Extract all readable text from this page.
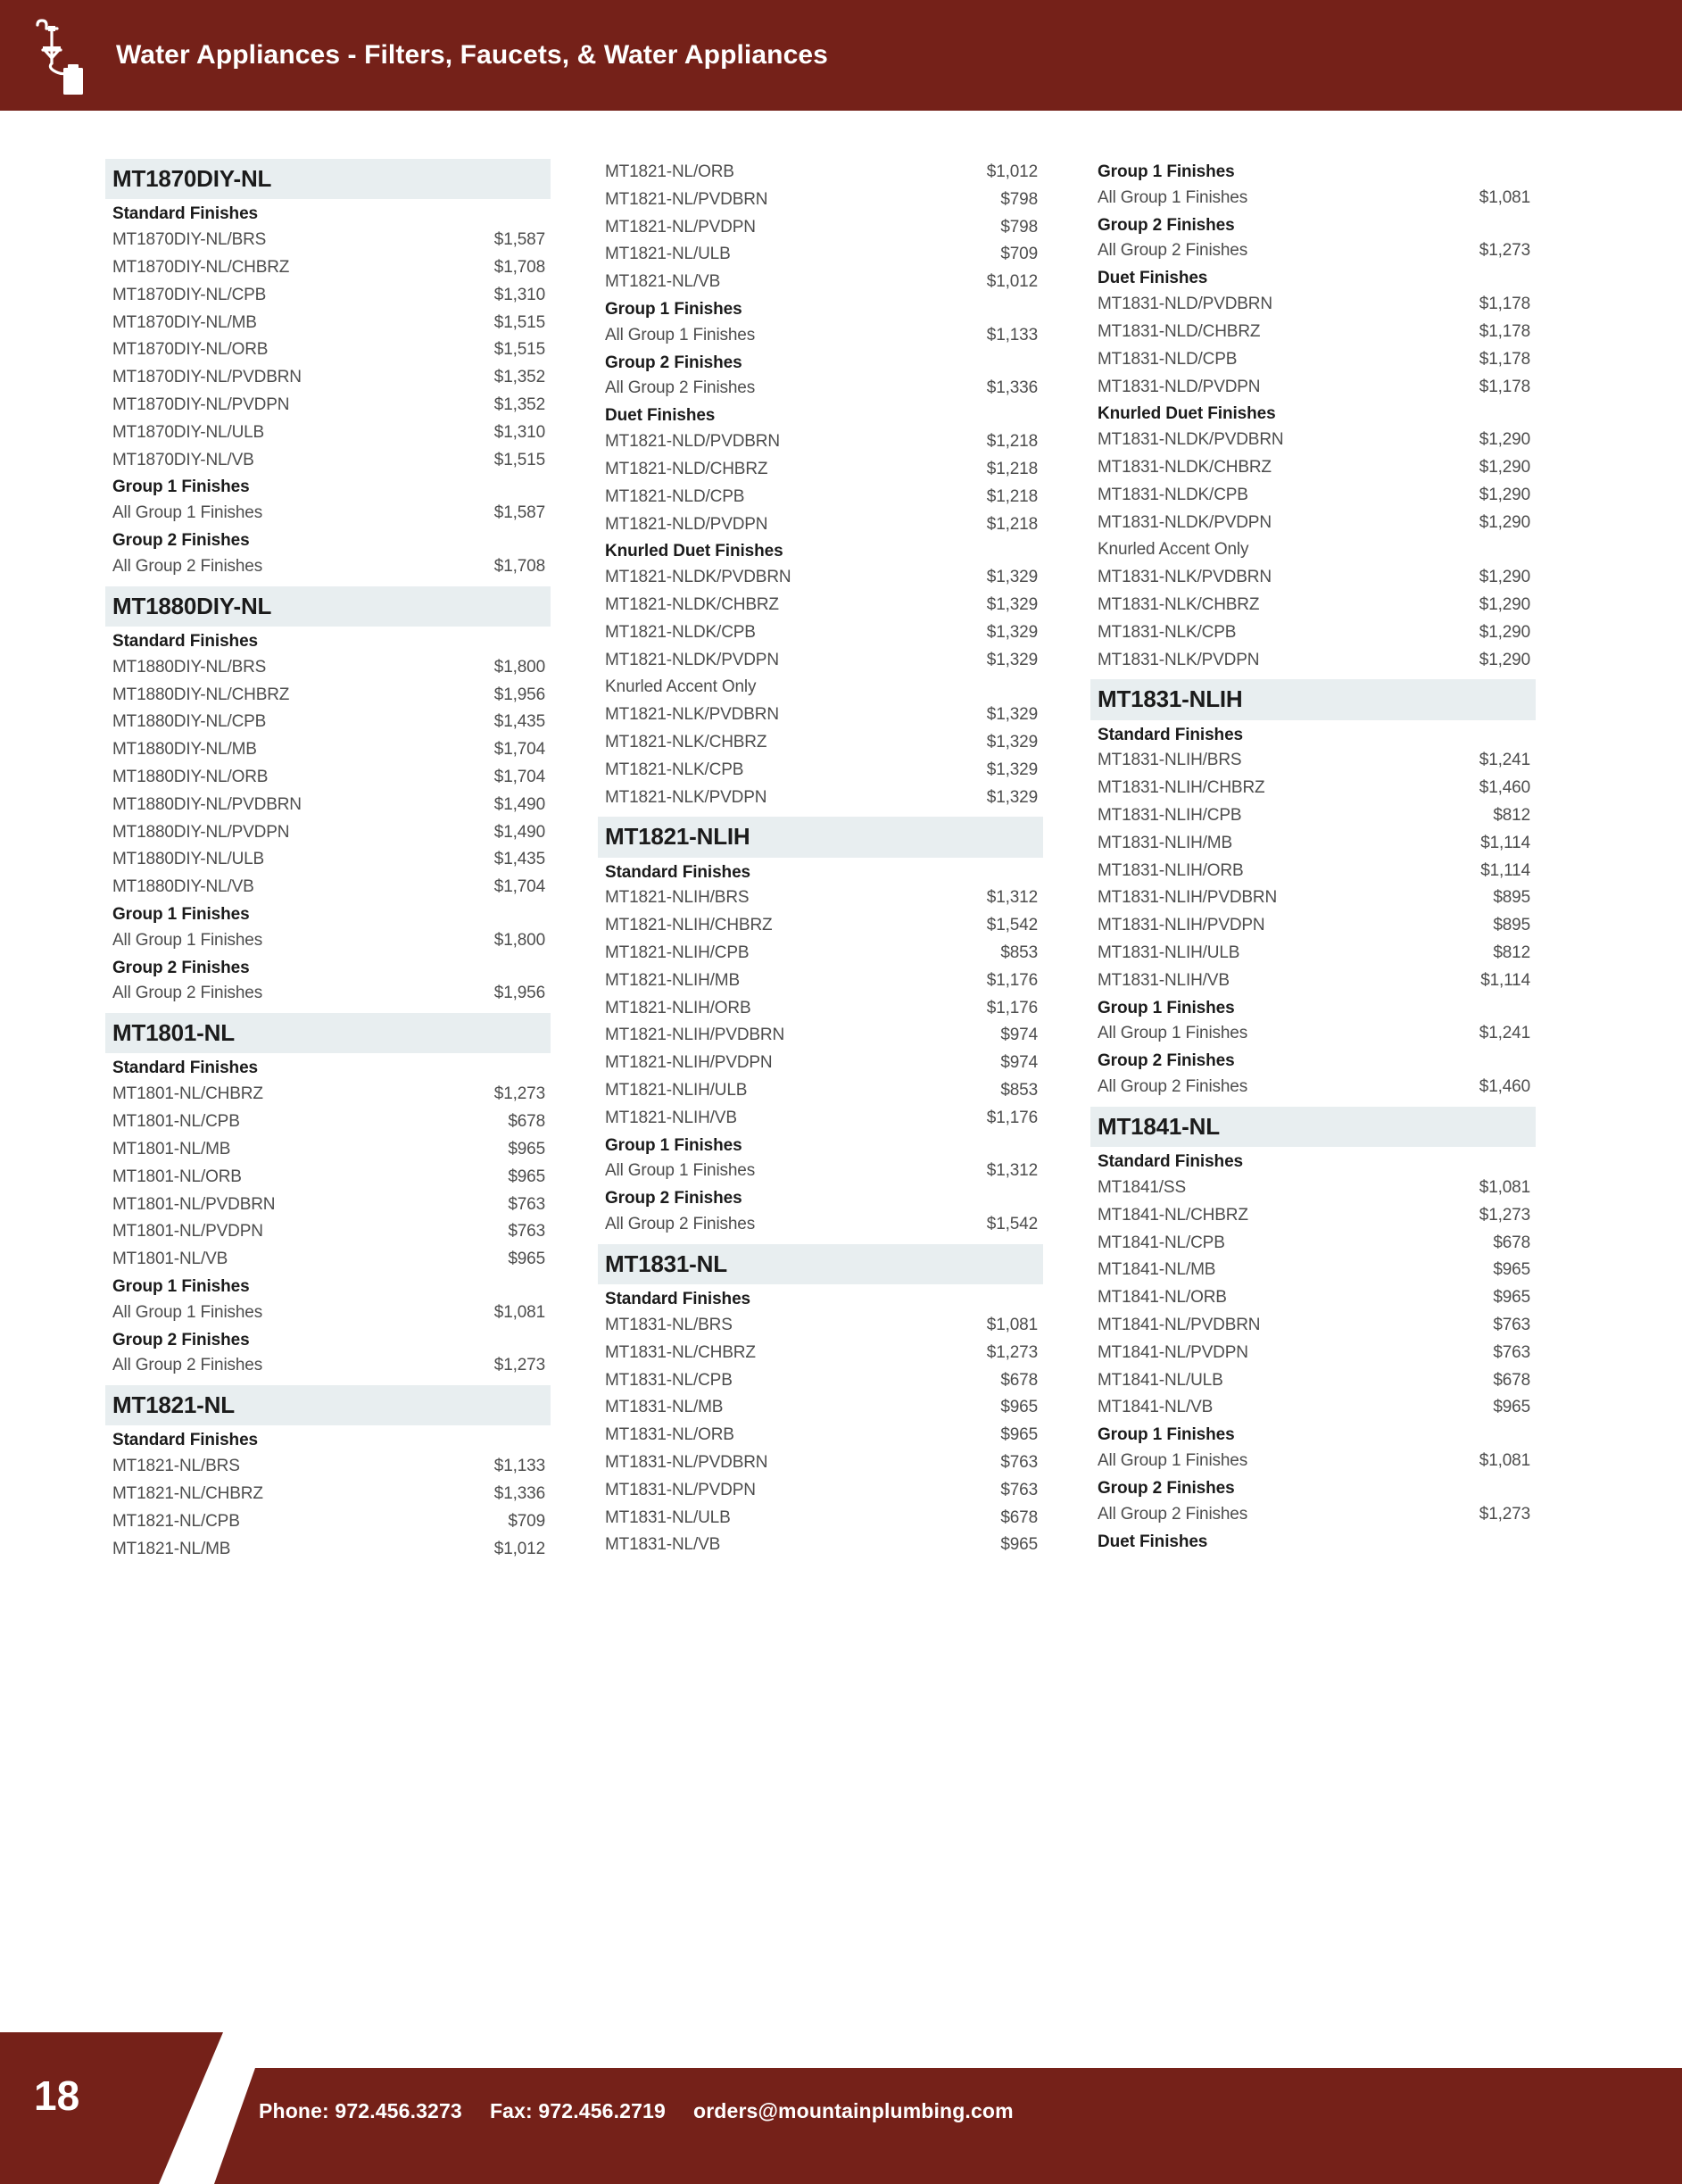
Water Appliances - Filters, Faucets, & Water Appliances
MT1870DIY-NL
Standard Finishes
MT1870DIY-NL/BRS	$1,587
MT1870DIY-NL/CHBRZ	$1,708
MT1870DIY-NL/CPB	$1,310
MT1870DIY-NL/MB	$1,515
MT1870DIY-NL/ORB	$1,515
MT1870DIY-NL/PVDBRN	$1,352
MT1870DIY-NL/PVDPN	$1,352
MT1870DIY-NL/ULB	$1,310
MT1870DIY-NL/VB	$1,515
Group 1 Finishes
All Group 1 Finishes	$1,587
Group 2 Finishes
All Group 2 Finishes	$1,708
MT1880DIY-NL
Standard Finishes
MT1880DIY-NL/BRS	$1,800
MT1880DIY-NL/CHBRZ	$1,956
MT1880DIY-NL/CPB	$1,435
MT1880DIY-NL/MB	$1,704
MT1880DIY-NL/ORB	$1,704
MT1880DIY-NL/PVDBRN	$1,490
MT1880DIY-NL/PVDPN	$1,490
MT1880DIY-NL/ULB	$1,435
MT1880DIY-NL/VB	$1,704
Group 1 Finishes
All Group 1 Finishes	$1,800
Group 2 Finishes
All Group 2 Finishes	$1,956
MT1801-NL
Standard Finishes
MT1801-NL/CHBRZ	$1,273
MT1801-NL/CPB	$678
MT1801-NL/MB	$965
MT1801-NL/ORB	$965
MT1801-NL/PVDBRN	$763
MT1801-NL/PVDPN	$763
MT1801-NL/VB	$965
Group 1 Finishes
All Group 1 Finishes	$1,081
Group 2 Finishes
All Group 2 Finishes	$1,273
MT1821-NL
Standard Finishes
MT1821-NL/BRS	$1,133
MT1821-NL/CHBRZ	$1,336
MT1821-NL/CPB	$709
MT1821-NL/MB	$1,012
MT1821-NL/ORB	$1,012
MT1821-NL/PVDBRN	$798
MT1821-NL/PVDPN	$798
MT1821-NL/ULB	$709
MT1821-NL/VB	$1,012
Group 1 Finishes
All Group 1 Finishes	$1,133
Group 2 Finishes
All Group 2 Finishes	$1,336
Duet Finishes
MT1821-NLD/PVDBRN	$1,218
MT1821-NLD/CHBRZ	$1,218
MT1821-NLD/CPB	$1,218
MT1821-NLD/PVDPN	$1,218
Knurled Duet Finishes
MT1821-NLDK/PVDBRN	$1,329
MT1821-NLDK/CHBRZ	$1,329
MT1821-NLDK/CPB	$1,329
MT1821-NLDK/PVDPN	$1,329
Knurled Accent Only
MT1821-NLK/PVDBRN	$1,329
MT1821-NLK/CHBRZ	$1,329
MT1821-NLK/CPB	$1,329
MT1821-NLK/PVDPN	$1,329
MT1821-NLIH
Standard Finishes
MT1821-NLIH/BRS	$1,312
MT1821-NLIH/CHBRZ	$1,542
MT1821-NLIH/CPB	$853
MT1821-NLIH/MB	$1,176
MT1821-NLIH/ORB	$1,176
MT1821-NLIH/PVDBRN	$974
MT1821-NLIH/PVDPN	$974
MT1821-NLIH/ULB	$853
MT1821-NLIH/VB	$1,176
Group 1 Finishes
All Group 1 Finishes	$1,312
Group 2 Finishes
All Group 2 Finishes	$1,542
MT1831-NL
Standard Finishes
MT1831-NL/BRS	$1,081
MT1831-NL/CHBRZ	$1,273
MT1831-NL/CPB	$678
MT1831-NL/MB	$965
MT1831-NL/ORB	$965
MT1831-NL/PVDBRN	$763
MT1831-NL/PVDPN	$763
MT1831-NL/ULB	$678
MT1831-NL/VB	$965
Group 1 Finishes
All Group 1 Finishes	$1,081
Group 2 Finishes
All Group 2 Finishes	$1,273
Duet Finishes
MT1831-NLD/PVDBRN	$1,178
MT1831-NLD/CHBRZ	$1,178
MT1831-NLD/CPB	$1,178
MT1831-NLD/PVDPN	$1,178
Knurled Duet Finishes
MT1831-NLDK/PVDBRN	$1,290
MT1831-NLDK/CHBRZ	$1,290
MT1831-NLDK/CPB	$1,290
MT1831-NLDK/PVDPN	$1,290
Knurled Accent Only
MT1831-NLK/PVDBRN	$1,290
MT1831-NLK/CHBRZ	$1,290
MT1831-NLK/CPB	$1,290
MT1831-NLK/PVDPN	$1,290
MT1831-NLIH
Standard Finishes
MT1831-NLIH/BRS	$1,241
MT1831-NLIH/CHBRZ	$1,460
MT1831-NLIH/CPB	$812
MT1831-NLIH/MB	$1,114
MT1831-NLIH/ORB	$1,114
MT1831-NLIH/PVDBRN	$895
MT1831-NLIH/PVDPN	$895
MT1831-NLIH/ULB	$812
MT1831-NLIH/VB	$1,114
Group 1 Finishes
All Group 1 Finishes	$1,241
Group 2 Finishes
All Group 2 Finishes	$1,460
MT1841-NL
Standard Finishes
MT1841/SS	$1,081
MT1841-NL/CHBRZ	$1,273
MT1841-NL/CPB	$678
MT1841-NL/MB	$965
MT1841-NL/ORB	$965
MT1841-NL/PVDBRN	$763
MT1841-NL/PVDPN	$763
MT1841-NL/ULB	$678
MT1841-NL/VB	$965
Group 1 Finishes
All Group 1 Finishes	$1,081
Group 2 Finishes
All Group 2 Finishes	$1,273
Duet Finishes
18	Phone: 972.456.3273 Fax: 972.456.2719 orders@mountainplumbing.com
